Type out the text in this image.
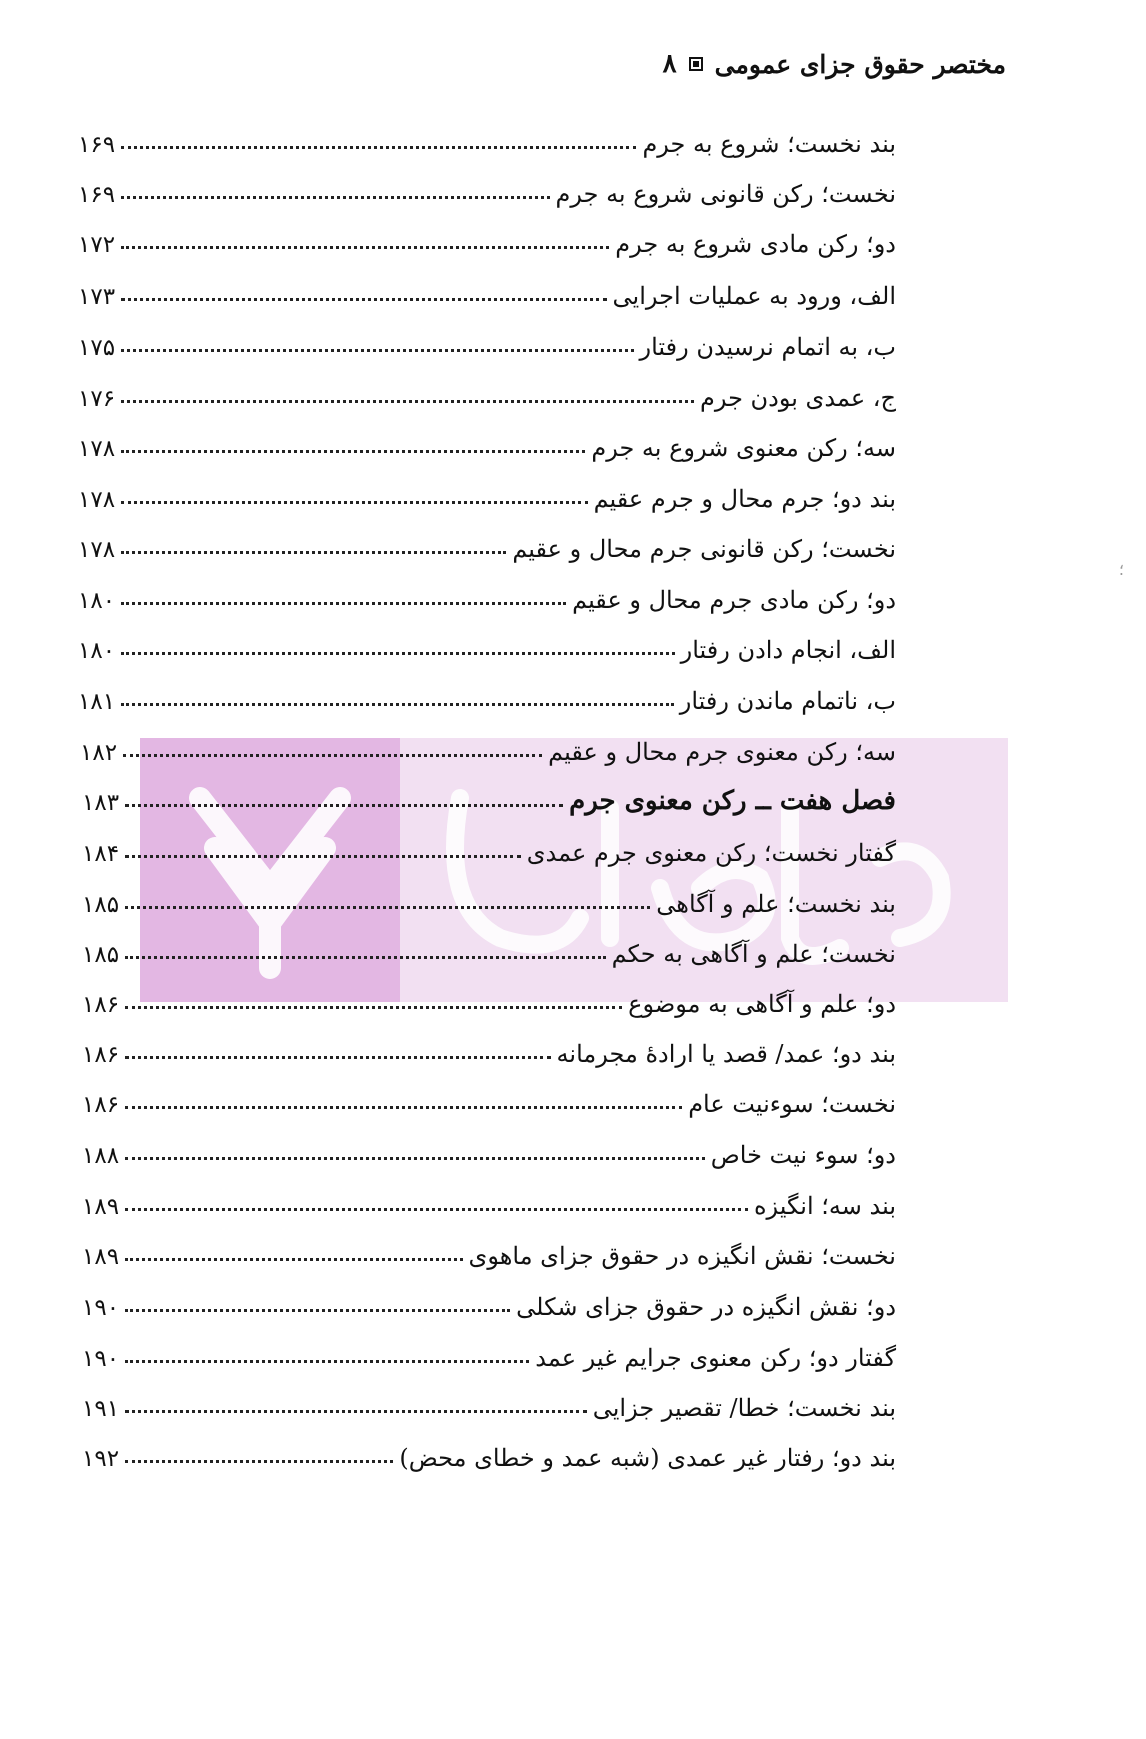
۸ مختصر حقوق جزای عمومی
مادپار
؛
بند نخست؛ شروع به جرم
۱۶۹
نخست؛ رکن قانونی شروع به جرم
۱۶۹
دو؛ رکن مادی شروع به جرم
۱۷۲
الف، ورود به عملیات اجرایی
۱۷۳
ب، به اتمام نرسیدن رفتار
۱۷۵
ج، عمدی بودن جرم
۱۷۶
سه؛ رکن معنوی شروع به جرم
۱۷۸
بند دو؛ جرم محال و جرم عقیم
۱۷۸
نخست؛ رکن قانونی جرم محال و عقیم
۱۷۸
دو؛ رکن مادی جرم محال و عقیم
۱۸۰
الف، انجام دادن رفتار
۱۸۰
ب، ناتمام ماندن رفتار
۱۸۱
سه؛ رکن معنوی جرم محال و عقیم
۱۸۲
فصل هفت ــ رکن معنوی جرم
۱۸۳
گفتار نخست؛ رکن معنوی جرم عمدی
۱۸۴
بند نخست؛ علم و آگاهی
۱۸۵
نخست؛ علم و آگاهی به حکم
۱۸۵
دو؛ علم و آگاهی به موضوع
۱۸۶
بند دو؛ عمد/ قصد یا ارادهٔ مجرمانه
۱۸۶
نخست؛ سوءنیت عام
۱۸۶
دو؛ سوء نیت خاص
۱۸۸
بند سه؛ انگیزه
۱۸۹
نخست؛ نقش انگیزه در حقوق جزای ماهوی
۱۸۹
دو؛ نقش انگیزه در حقوق جزای شکلی
۱۹۰
گفتار دو؛ رکن معنوی جرایم غیر عمد
۱۹۰
بند نخست؛ خطا/ تقصیر جزایی
۱۹۱
بند دو؛ رفتار غیر عمدی (شبه عمد و خطای محض)
۱۹۲
